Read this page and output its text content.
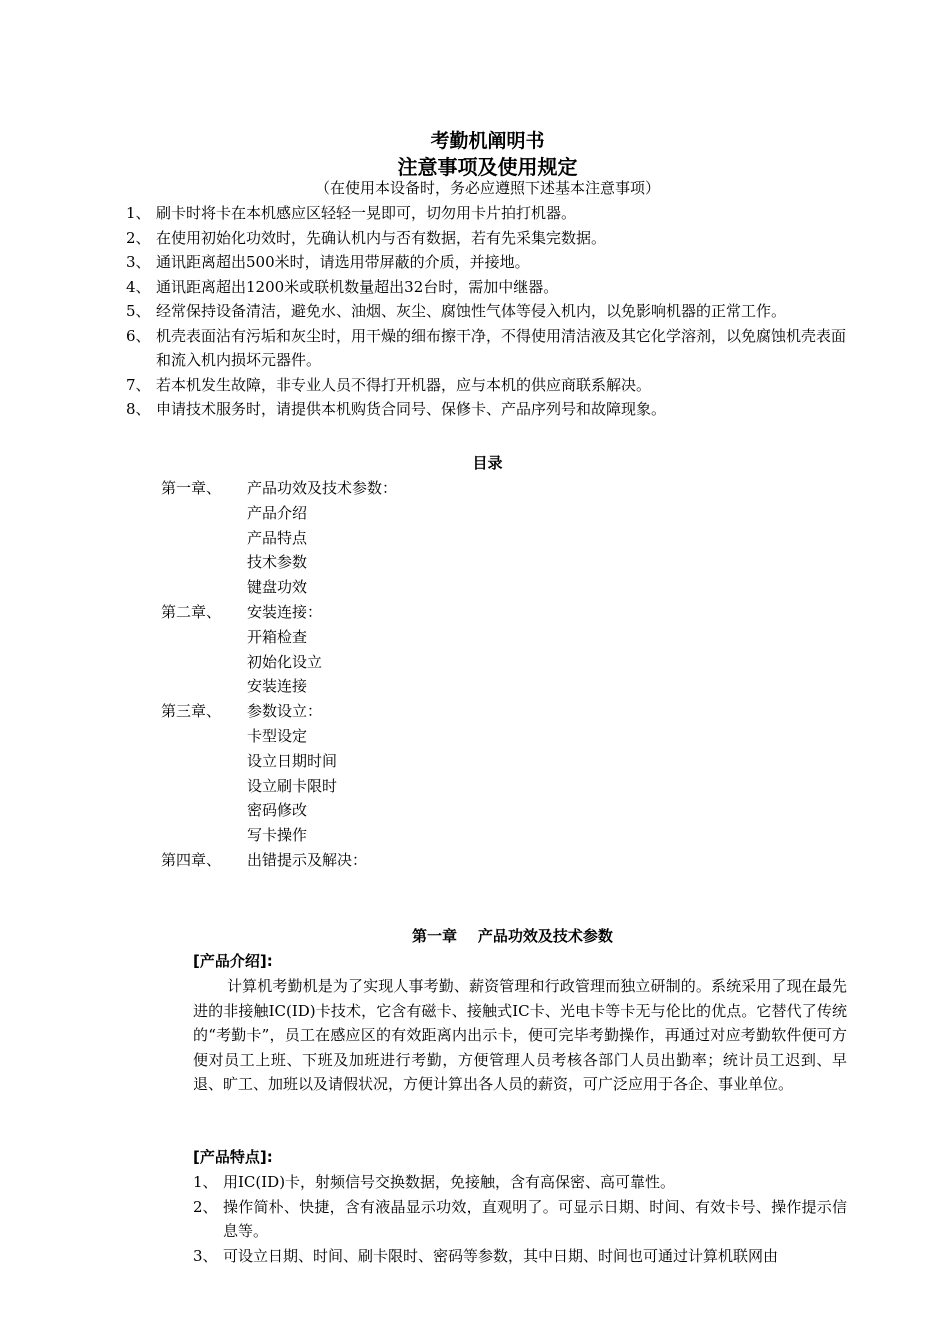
考勤机阐明书
注意事项及使用规定
（在使用本设备时，务必应遵照下述基本注意事项）
1、 刷卡时将卡在本机感应区轻轻一晃即可，切勿用卡片拍打机器。
2、 在使用初始化功效时，先确认机内与否有数据，若有先采集完数据。
3、 通讯距离超出500米时，请选用带屏蔽的介质，并接地。
4、 通讯距离超出1200米或联机数量超出32台时，需加中继器。
5、 经常保持设备清洁，避免水、油烟、灰尘、腐蚀性气体等侵入机内，以免影响机器的正常工作。
6、 机壳表面沾有污垢和灰尘时，用干燥的细布擦干净，不得使用清洁液及其它化学溶剂，以免腐蚀机壳表面和流入机内损坏元器件。
7、 若本机发生故障，非专业人员不得打开机器，应与本机的供应商联系解决。
8、 申请技术服务时，请提供本机购货合同号、保修卡、产品序列号和故障现象。
目录
第一章、	产品功效及技术参数：
产品介绍
产品特点
技术参数
键盘功效
第二章、	安装连接：
开箱检查
初始化设立
安装连接
第三章、	参数设立：
卡型设定
设立日期时间
设立刷卡限时
密码修改
写卡操作
第四章、	出错提示及解决：
第一章    产品功效及技术参数
[产品介绍]:
计算机考勤机是为了实现人事考勤、薪资管理和行政管理而独立研制的。系统采用了现在最先进的非接触IC(ID)卡技术，它含有磁卡、接触式IC卡、光电卡等卡无与伦比的优点。它替代了传统的“考勤卡”，员工在感应区的有效距离内出示卡，便可完毕考勤操作，再通过对应考勤软件便可方便对员工上班、下班及加班进行考勤，方便管理人员考核各部门人员出勤率；统计员工迟到、早退、旷工、加班以及请假状况，方便计算出各人员的薪资，可广泛应用于各企、事业单位。
[产品特点]:
1、 用IC(ID)卡，射频信号交换数据，免接触，含有高保密、高可靠性。
2、 操作简朴、快捷，含有液晶显示功效，直观明了。可显示日期、时间、有效卡号、操作提示信息等。
3、 可设立日期、时间、刷卡限时、密码等参数，其中日期、时间也可通过计算机联网由
